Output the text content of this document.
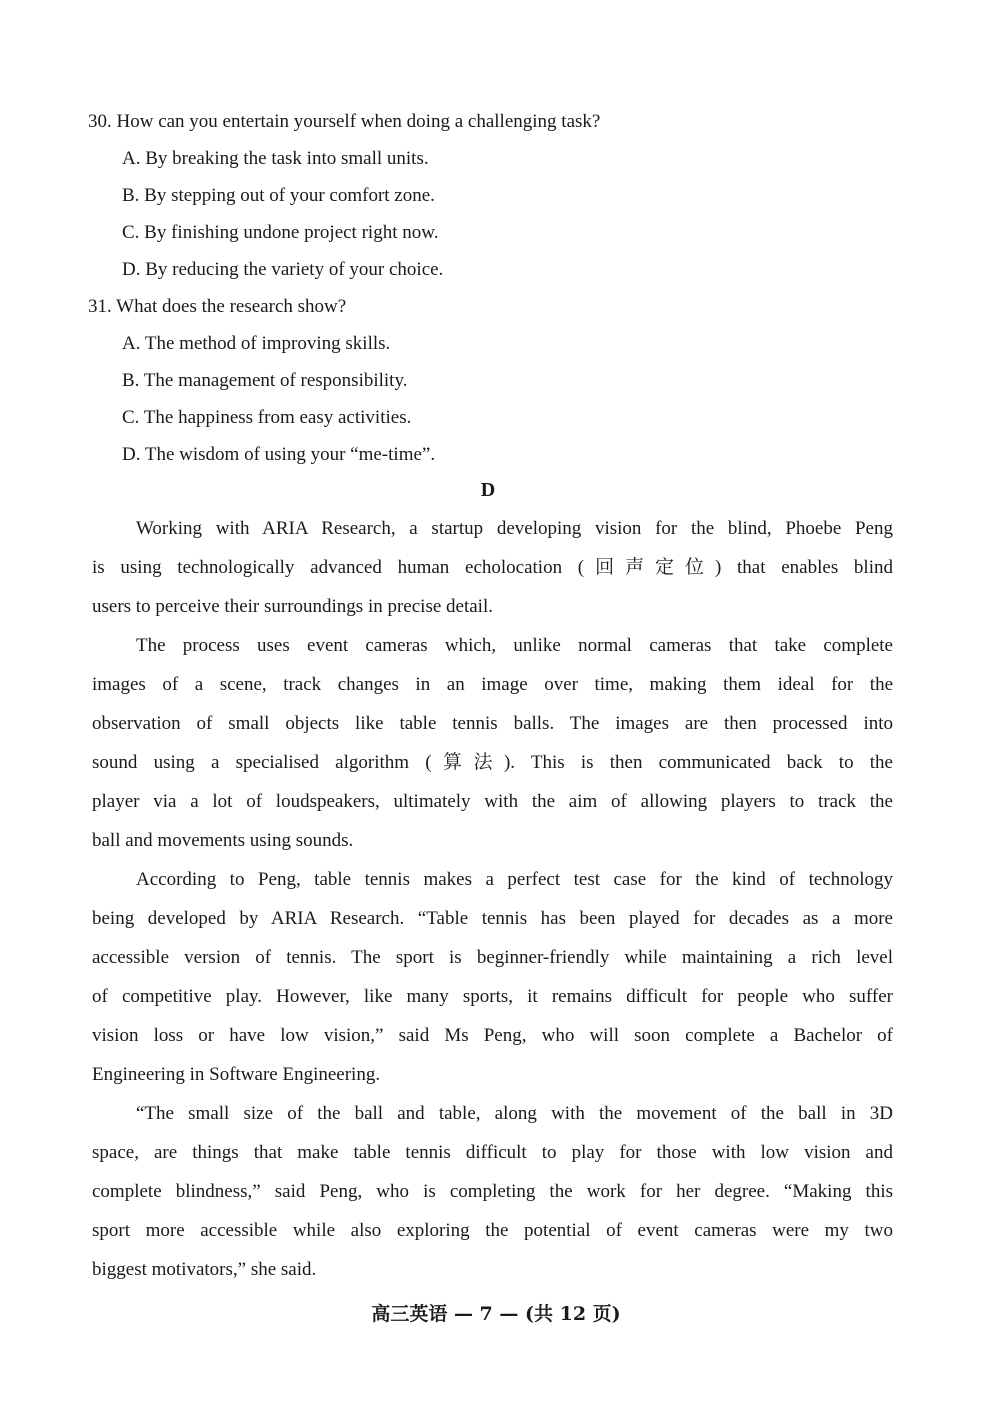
30. How can you entertain yourself when doing a challenging task?
A. By breaking the task into small units.
B. By stepping out of your comfort zone.
C. By finishing undone project right now.
D. By reducing the variety of your choice.
31. What does the research show?
A. The method of improving skills.
B. The management of responsibility.
C. The happiness from easy activities.
D. The wisdom of using your “me-time”.
D
Working with ARIA Research, a startup developing vision for the blind, Phoebe Peng
is using technologically advanced human echolocation (回声定位) that enables blind
users to perceive their surroundings in precise detail.
The process uses event cameras which, unlike normal cameras that take complete
images of a scene, track changes in an image over time, making them ideal for the
observation of small objects like table tennis balls. The images are then processed into
sound using a specialised algorithm (算法). This is then communicated back to the
player via a lot of loudspeakers, ultimately with the aim of allowing players to track the
ball and movements using sounds.
According to Peng, table tennis makes a perfect test case for the kind of technology
being developed by ARIA Research. “Table tennis has been played for decades as a more
accessible version of tennis. The sport is beginner-friendly while maintaining a rich level
of competitive play. However, like many sports, it remains difficult for people who suffer
vision loss or have low vision,” said Ms Peng, who will soon complete a Bachelor of
Engineering in Software Engineering.
“The small size of the ball and table, along with the movement of the ball in 3D
space, are things that make table tennis difficult to play for those with low vision and
complete blindness,” said Peng, who is completing the work for her degree. “Making this
sport more accessible while also exploring the potential of event cameras were my two
biggest motivators,” she said.
高三英语 — 7 — (共 12 页)
